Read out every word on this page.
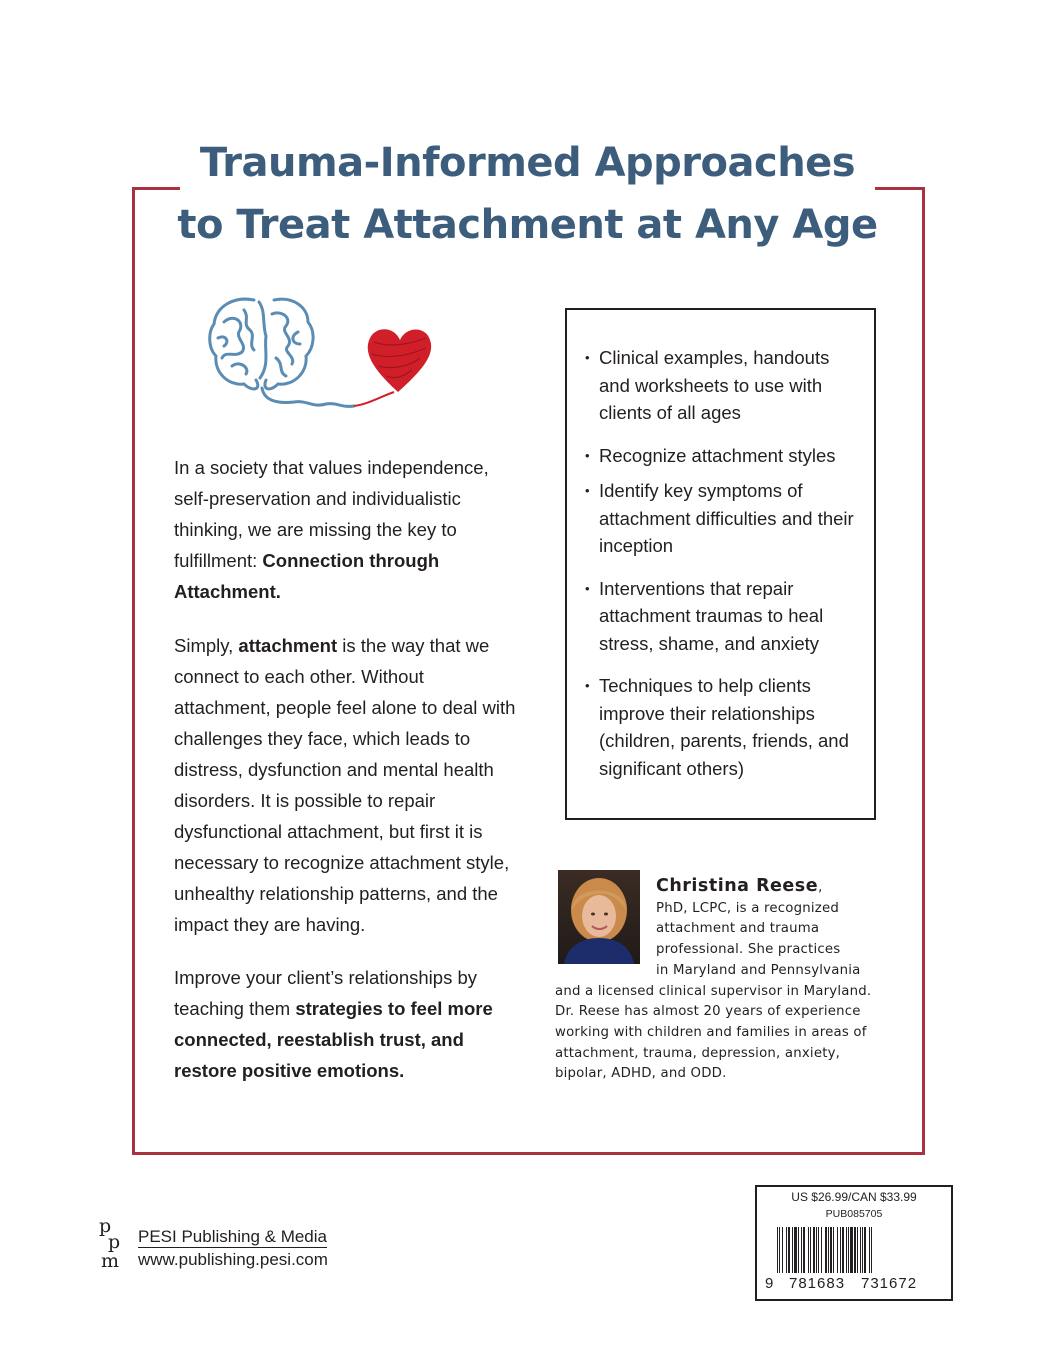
Trauma-Informed Approaches
to Treat Attachment at Any Age

In a society that values independence, self-preservation and individualistic thinking, we are missing the key to fulfillment: Connection through Attachment.

Simply, attachment is the way that we connect to each other. Without attachment, people feel alone to deal with challenges they face, which leads to distress, dysfunction and mental health disorders. It is possible to repair dysfunctional attachment, but first it is necessary to recognize attachment style, unhealthy relationship patterns, and the impact they are having.

Improve your client’s relationships by teaching them strategies to feel more connected, reestablish trust, and restore positive emotions.

• Clinical examples, handouts and worksheets to use with clients of all ages
• Recognize attachment styles
• Identify key symptoms of attachment difficulties and their inception
• Interventions that repair attachment traumas to heal stress, shame, and anxiety
• Techniques to help clients improve their relationships (children, parents, friends, and significant others)
Christina Reese,
PhD, LCPC, is a recognized
attachment and trauma
professional. She practices
in Maryland and Pennsylvania
and a licensed clinical supervisor in Maryland. Dr. Reese has almost 20 years of experience working with children and families in areas of attachment, trauma, depression, anxiety, bipolar, ADHD, and ODD.
p
p
m
PESI Publishing & Media
www.publishing.pesi.com
US $26.99/CAN $33.99
PUB085705
9 781683 731672
